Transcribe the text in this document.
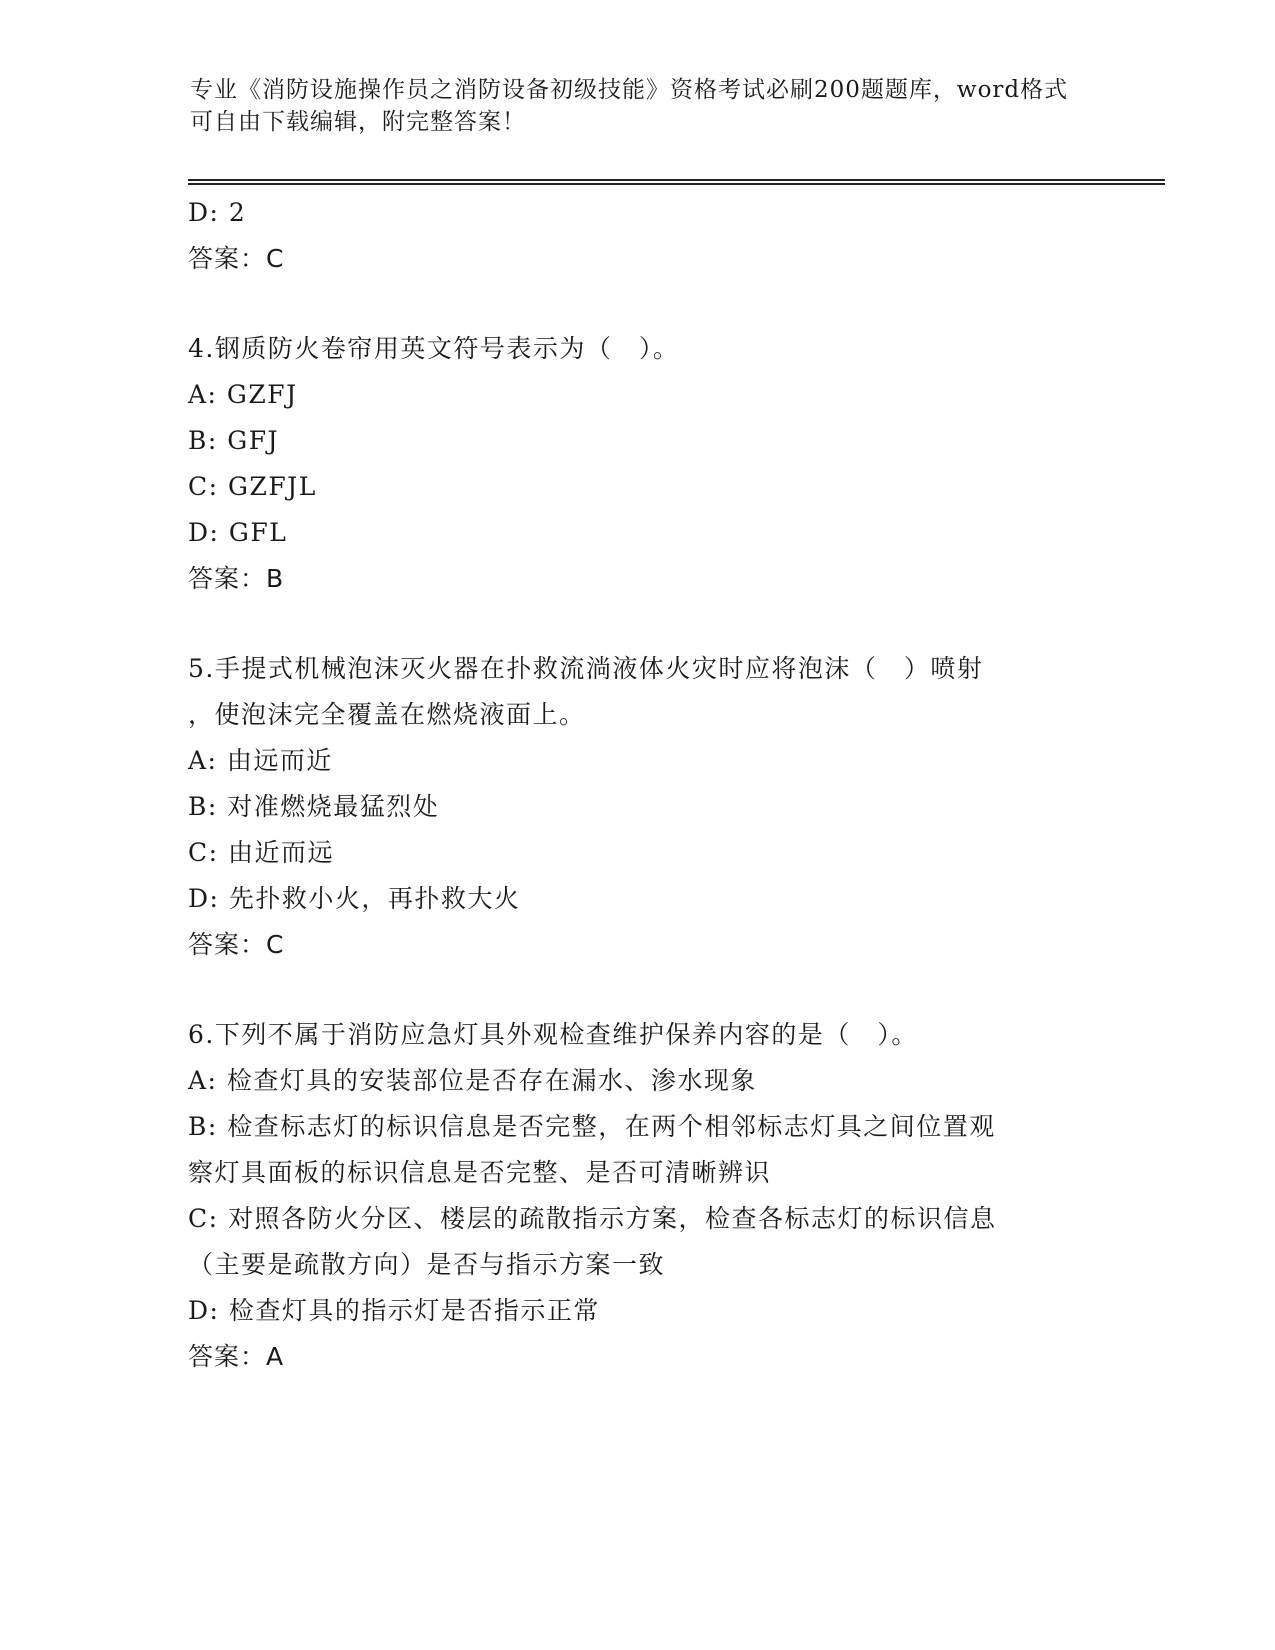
专业《消防设施操作员之消防设备初级技能》资格考试必刷200题题库，word格式可自由下载编辑，附完整答案！
D: 2
答案：C
4.钢质防火卷帘用英文符号表示为（　）。
A: GZFJ
B: GFJ
C: GZFJL
D: GFL
答案：B
5.手提式机械泡沫灭火器在扑救流淌液体火灾时应将泡沫（　）喷射
，使泡沫完全覆盖在燃烧液面上。
A: 由远而近
B: 对准燃烧最猛烈处
C: 由近而远
D: 先扑救小火，再扑救大火
答案：C
6.下列不属于消防应急灯具外观检查维护保养内容的是（　）。
A: 检查灯具的安装部位是否存在漏水、渗水现象
B: 检查标志灯的标识信息是否完整，在两个相邻标志灯具之间位置观
察灯具面板的标识信息是否完整、是否可清晰辨识
C: 对照各防火分区、楼层的疏散指示方案，检查各标志灯的标识信息
（主要是疏散方向）是否与指示方案一致
D: 检查灯具的指示灯是否指示正常
答案：A
